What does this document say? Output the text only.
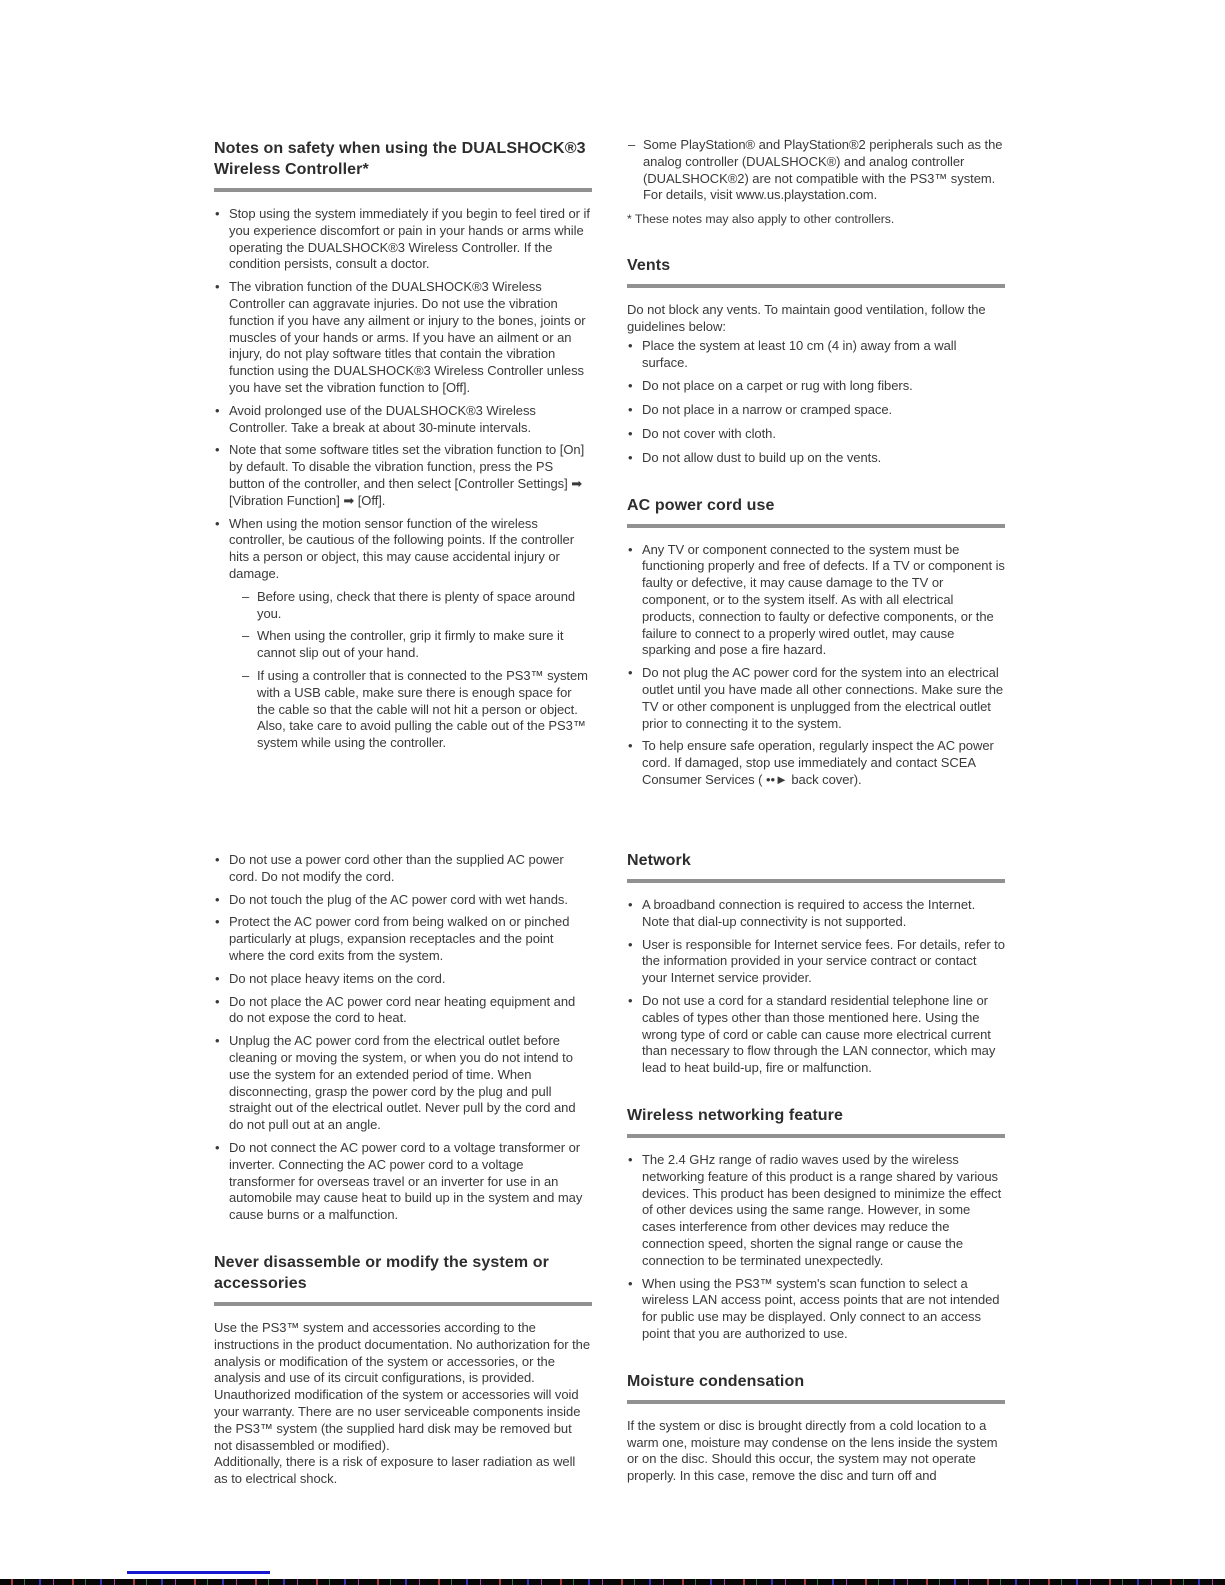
Notes on safety when using the DUALSHOCK®3 Wireless Controller*
• Stop using the system immediately if you begin to feel tired or if you experience discomfort or pain in your hands or arms while operating the DUALSHOCK®3 Wireless Controller. If the condition persists, consult a doctor.
• The vibration function of the DUALSHOCK®3 Wireless Controller can aggravate injuries. Do not use the vibration function if you have any ailment or injury to the bones, joints or muscles of your hands or arms. If you have an ailment or an injury, do not play software titles that contain the vibration function using the DUALSHOCK®3 Wireless Controller unless you have set the vibration function to [Off].
• Avoid prolonged use of the DUALSHOCK®3 Wireless Controller. Take a break at about 30-minute intervals.
• Note that some software titles set the vibration function to [On] by default. To disable the vibration function, press the PS button of the controller, and then select [Controller Settings] ➡ [Vibration Function] ➡ [Off].
• When using the motion sensor function of the wireless controller, be cautious of the following points. If the controller hits a person or object, this may cause accidental injury or damage.
– Before using, check that there is plenty of space around you.
– When using the controller, grip it firmly to make sure it cannot slip out of your hand.
– If using a controller that is connected to the PS3™ system with a USB cable, make sure there is enough space for the cable so that the cable will not hit a person or object. Also, take care to avoid pulling the cable out of the PS3™ system while using the controller.
– Some PlayStation® and PlayStation®2 peripherals such as the analog controller (DUALSHOCK®) and analog controller (DUALSHOCK®2) are not compatible with the PS3™ system. For details, visit www.us.playstation.com.
* These notes may also apply to other controllers.
Vents

Do not block any vents. To maintain good ventilation, follow the guidelines below:

• Place the system at least 10 cm (4 in) away from a wall surface.
• Do not place on a carpet or rug with long fibers.
• Do not place in a narrow or cramped space.
• Do not cover with cloth.
• Do not allow dust to build up on the vents.
AC power cord use
• Any TV or component connected to the system must be functioning properly and free of defects. If a TV or component is faulty or defective, it may cause damage to the TV or component, or to the system itself. As with all electrical products, connection to faulty or defective components, or the failure to connect to a properly wired outlet, may cause sparking and pose a fire hazard.
• Do not plug the AC power cord for the system into an electrical outlet until you have made all other connections. Make sure the TV or other component is unplugged from the electrical outlet prior to connecting it to the system.
• To help ensure safe operation, regularly inspect the AC power cord. If damaged, stop use immediately and contact SCEA Consumer Services ( ••► back cover).
• Do not use a power cord other than the supplied AC power cord. Do not modify the cord.
• Do not touch the plug of the AC power cord with wet hands.
• Protect the AC power cord from being walked on or pinched particularly at plugs, expansion receptacles and the point where the cord exits from the system.
• Do not place heavy items on the cord.
• Do not place the AC power cord near heating equipment and do not expose the cord to heat.
• Unplug the AC power cord from the electrical outlet before cleaning or moving the system, or when you do not intend to use the system for an extended period of time. When disconnecting, grasp the power cord by the plug and pull straight out of the electrical outlet. Never pull by the cord and do not pull out at an angle.
• Do not connect the AC power cord to a voltage transformer or inverter. Connecting the AC power cord to a voltage transformer for overseas travel or an inverter for use in an automobile may cause heat to build up in the system and may cause burns or a malfunction.
Never disassemble or modify the system or accessories

Use the PS3™ system and accessories according to the instructions in the product documentation. No authorization for the analysis or modification of the system or accessories, or the analysis and use of its circuit configurations, is provided. Unauthorized modification of the system or accessories will void your warranty. There are no user serviceable components inside the PS3™ system (the supplied hard disk may be removed but not disassembled or modified).

Additionally, there is a risk of exposure to laser radiation as well as to electrical shock.

Network
• A broadband connection is required to access the Internet. Note that dial-up connectivity is not supported.
• User is responsible for Internet service fees. For details, refer to the information provided in your service contract or contact your Internet service provider.
• Do not use a cord for a standard residential telephone line or cables of types other than those mentioned here. Using the wrong type of cord or cable can cause more electrical current than necessary to flow through the LAN connector, which may lead to heat build-up, fire or malfunction.
Wireless networking feature
• The 2.4 GHz range of radio waves used by the wireless networking feature of this product is a range shared by various devices. This product has been designed to minimize the effect of other devices using the same range. However, in some cases interference from other devices may reduce the connection speed, shorten the signal range or cause the connection to be terminated unexpectedly.
• When using the PS3™ system's scan function to select a wireless LAN access point, access points that are not intended for public use may be displayed. Only connect to an access point that you are authorized to use.
Moisture condensation

If the system or disc is brought directly from a cold location to a warm one, moisture may condense on the lens inside the system or on the disc. Should this occur, the system may not operate properly. In this case, remove the disc and turn off and
